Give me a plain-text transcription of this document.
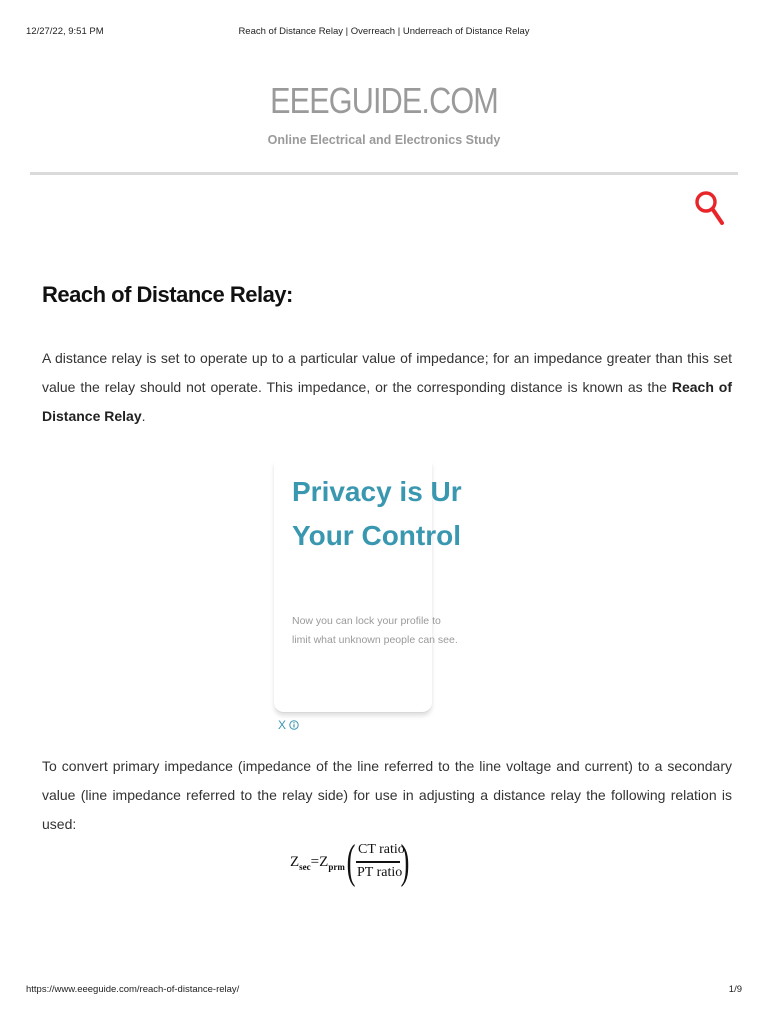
12/27/22, 9:51 PM	Reach of Distance Relay | Overreach | Underreach of Distance Relay
EEEGUIDE.COM
Online Electrical and Electronics Study
Reach of Distance Relay:

A distance relay is set to operate up to a particular value of impedance; for an impedance greater than this set value the relay should not operate. This impedance, or the corresponding distance is known as the Reach of Distance Relay.

Privacy is Ur
Your Control
Now you can lock your profile to
limit what unknown people can see.
X

To convert primary impedance (impedance of the line referred to the line voltage and current) to a secondary value (line impedance referred to the relay side) for use in adjusting a distance relay the following relation is used:

$Z_{sec}=Z_{prm}$ ( CT ratio
PT ratio
)
https://www.eeeguide.com/reach-of-distance-relay/	1/9
